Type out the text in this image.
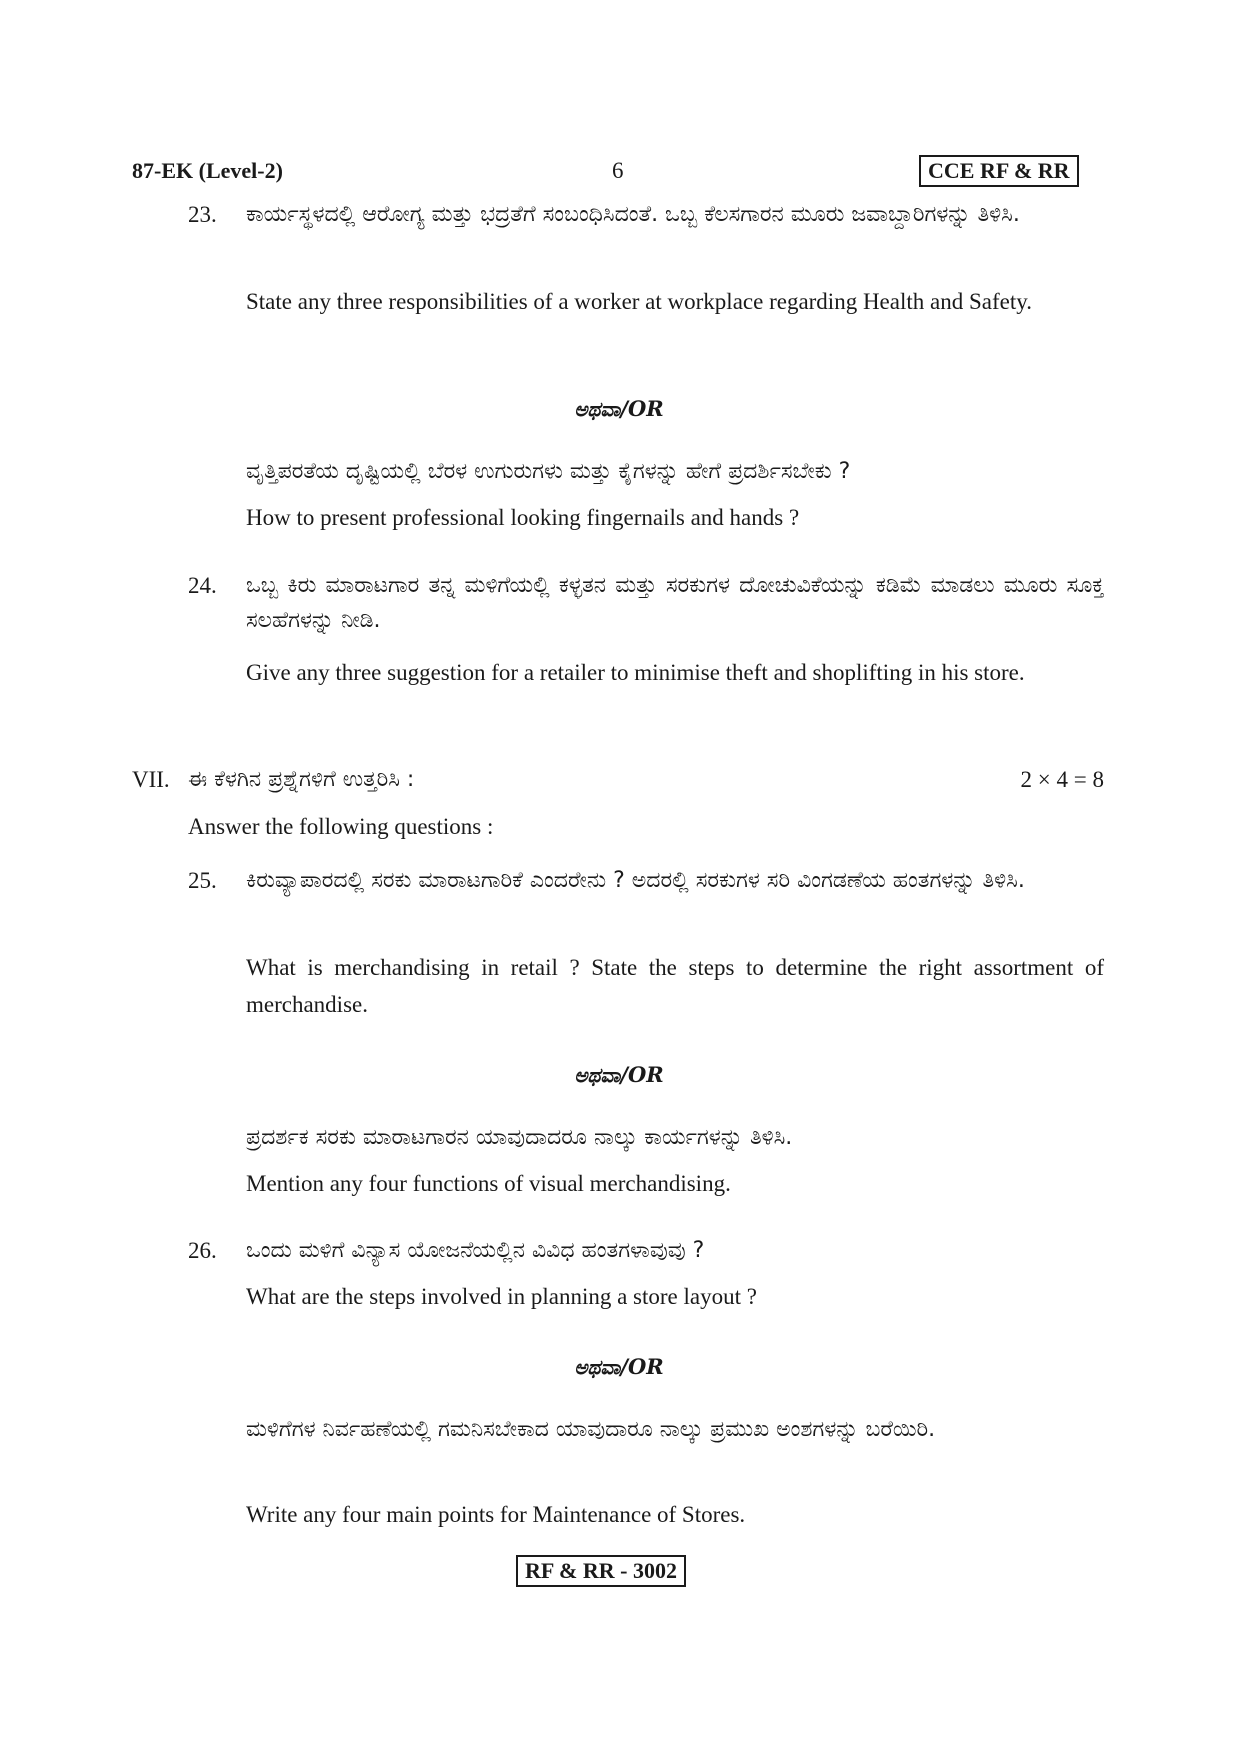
87-EK (Level-2)	6	CCE RF & RR
23. ಕಾರ್ಯಸ್ಥಳದಲ್ಲಿ ಆರೋಗ್ಯ ಮತ್ತು ಭದ್ರತೆಗೆ ಸಂಬಂಧಿಸಿದಂತೆ. ಒಬ್ಬ ಕೆಲಸಗಾರನ ಮೂರು ಜವಾಬ್ದಾರಿಗಳನ್ನು ತಿಳಿಸಿ.
State any three responsibilities of a worker at workplace regarding Health and Safety.
ಅಥವಾ/OR
ವೃತ್ತಿಪರತೆಯ ದೃಷ್ಟಿಯಲ್ಲಿ ಬೆರಳ ಉಗುರುಗಳು ಮತ್ತು ಕೈಗಳನ್ನು ಹೇಗೆ ಪ್ರದರ್ಶಿಸಬೇಕು ?
How to present professional looking fingernails and hands ?
24. ಒಬ್ಬ ಕಿರು ಮಾರಾಟಗಾರ ತನ್ನ ಮಳಿಗೆಯಲ್ಲಿ ಕಳ್ಳತನ ಮತ್ತು ಸರಕುಗಳ ದೋಚುವಿಕೆಯನ್ನು ಕಡಿಮೆ ಮಾಡಲು ಮೂರು ಸೂಕ್ತ ಸಲಹೆಗಳನ್ನು ನೀಡಿ.
Give any three suggestion for a retailer to minimise theft and shoplifting in his store.
VII. ಈ ಕೆಳಗಿನ ಪ್ರಶ್ನೆಗಳಿಗೆ ಉತ್ತರಿಸಿ :	2 × 4 = 8
Answer the following questions :
25. ಕಿರುವ್ಯಾಪಾರದಲ್ಲಿ ಸರಕು ಮಾರಾಟಗಾರಿಕೆ ಎಂದರೇನು ? ಅದರಲ್ಲಿ ಸರಕುಗಳ ಸರಿ ವಿಂಗಡಣೆಯ ಹಂತಗಳನ್ನು ತಿಳಿಸಿ.
What is merchandising in retail ? State the steps to determine the right assortment of merchandise.
ಅಥವಾ/OR
ಪ್ರದರ್ಶಕ ಸರಕು ಮಾರಾಟಗಾರನ ಯಾವುದಾದರೂ ನಾಲ್ಕು ಕಾರ್ಯಗಳನ್ನು ತಿಳಿಸಿ.
Mention any four functions of visual merchandising.
26. ಒಂದು ಮಳಿಗೆ ವಿನ್ಯಾಸ ಯೋಜನೆಯಲ್ಲಿನ ವಿವಿಧ ಹಂತಗಳಾವುವು ?
What are the steps involved in planning a store layout ?
ಅಥವಾ/OR
ಮಳಿಗೆಗಳ ನಿರ್ವಹಣೆಯಲ್ಲಿ ಗಮನಿಸಬೇಕಾದ ಯಾವುದಾರೂ ನಾಲ್ಕು ಪ್ರಮುಖ ಅಂಶಗಳನ್ನು ಬರೆಯಿರಿ.
Write any four main points for Maintenance of Stores.
RF & RR - 3002
